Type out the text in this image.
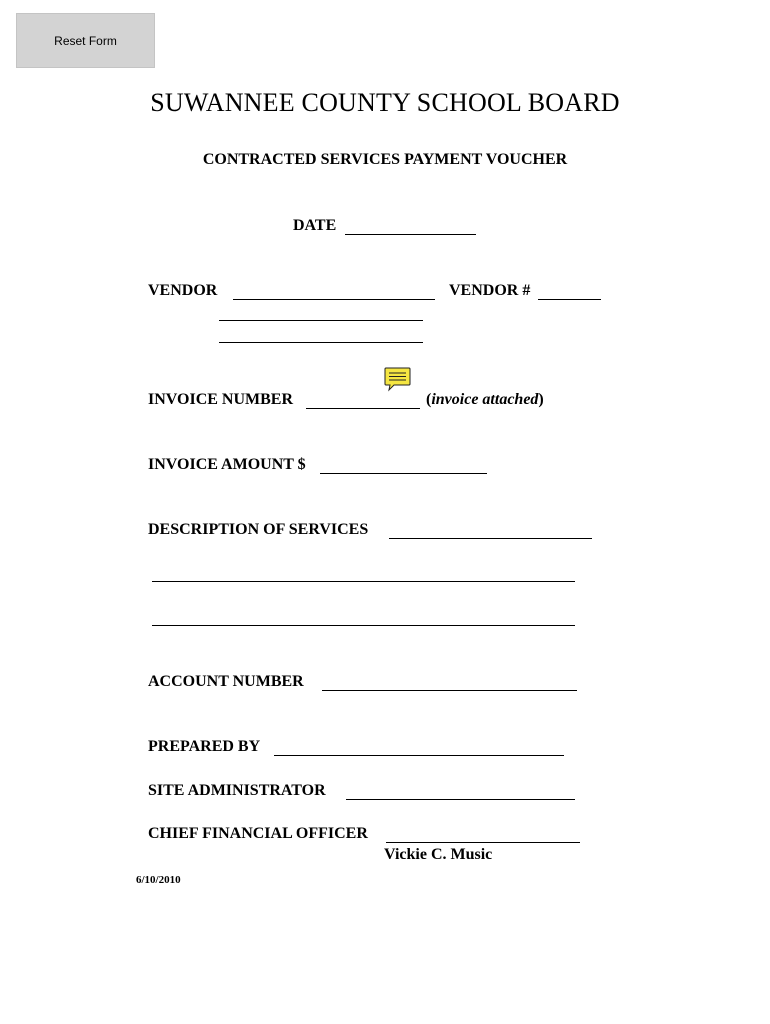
Reset Form
SUWANNEE COUNTY SCHOOL BOARD
CONTRACTED SERVICES PAYMENT VOUCHER
DATE
VENDOR	VENDOR #
INVOICE NUMBER	(invoice attached)
INVOICE AMOUNT $
DESCRIPTION OF SERVICES
ACCOUNT NUMBER
PREPARED BY
SITE ADMINISTRATOR
CHIEF FINANCIAL OFFICER
Vickie C. Music
6/10/2010
